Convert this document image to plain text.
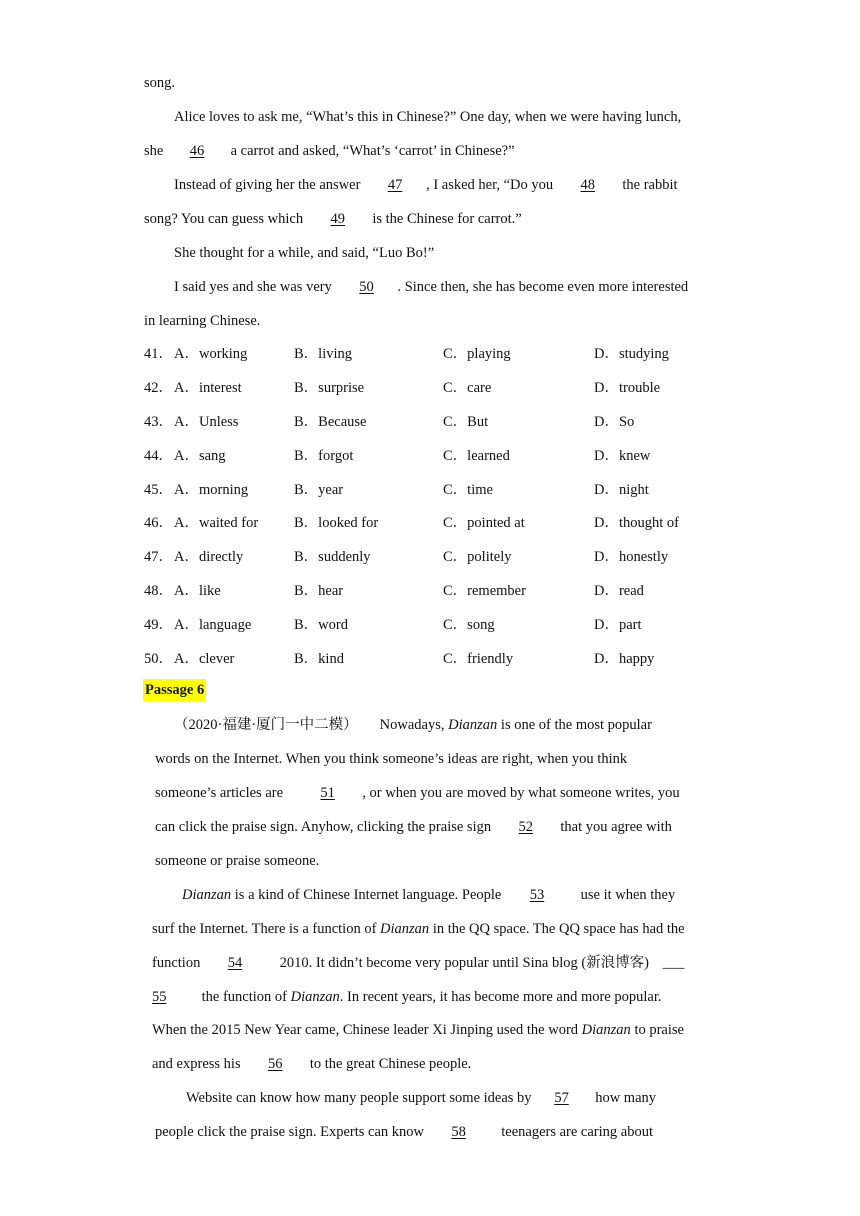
song.
Alice loves to ask me, “What’s this in Chinese?” One day, when we were having lunch,
she 46 a carrot and asked, “What’s ‘carrot’ in Chinese?”
Instead of giving her the answer 47 , I asked her, “Do you 48 the rabbit
song? You can guess which 49 is the Chinese for carrot.”
She thought for a while, and said, “Luo Bo!”
I said yes and she was very 50 . Since then, she has become even more interested
in learning Chinese.
41． A．working	B．living	C．playing	D．studying
42． A．interest	B．surprise	C．care	D．trouble
43． A．Unless	B．Because	C．But	D．So
44． A．sang	B．forgot	C．learned	D．knew
45． A．morning	B．year	C．time	D．night
46． A．waited for B．looked for	C．pointed at	D．thought of
47． A．directly	B．suddenly	C．politely	D．honestly
48． A．like	B．hear	C．remember	D．read
49． A．language	B．word	C．song	D．part
50． A．clever	B．kind	C．friendly	D．happy
Passage 6
（2020·福建·厦门一中二模） Nowadays, Dianzan is one of the most popular
words on the Internet. When you think someone’s ideas are right, when you think
someone’s articles are 51 , or when you are moved by what someone writes, you
can click the praise sign. Anyhow, clicking the praise sign 52 that you agree with
someone or praise someone.
Dianzan is a kind of Chinese Internet language. People 53 use it when they
surf the Internet. There is a function of Dianzan in the QQ space. The QQ space has had the
function 54 2010. It didn’t become very popular until Sina blog (新浪博客) ___
55 the function of Dianzan. In recent years, it has become more and more popular.
When the 2015 New Year came, Chinese leader Xi Jinping used the word Dianzan to praise
and express his 56 to the great Chinese people.
Website can know how many people support some ideas by 57 how many
people click the praise sign. Experts can know 58 teenagers are caring about
